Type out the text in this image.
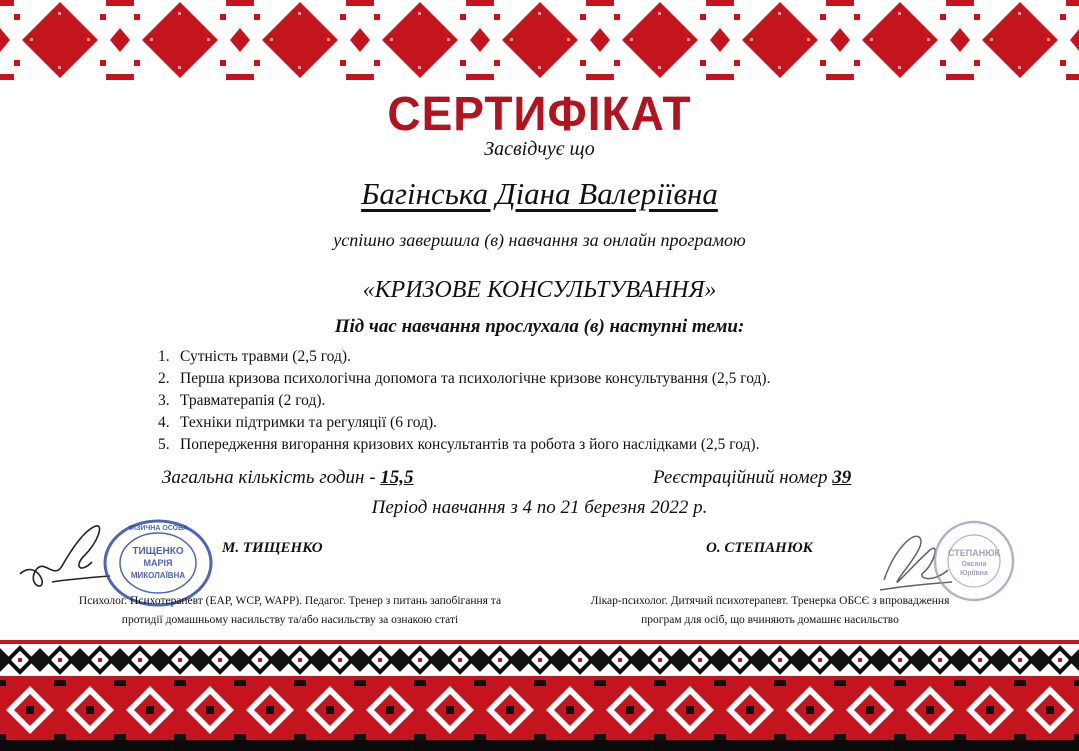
СЕРТИФІКАТ
Засвідчує що
Багінська Діана Валеріївна
успішно завершила (в) навчання за онлайн програмою
«КРИЗОВЕ КОНСУЛЬТУВАННЯ»
Під час навчання прослухала (в) наступні теми:
1. Сутність травми (2,5 год).
2. Перша кризова психологічна допомога та психологічне кризове консультування (2,5 год).
3. Травматерапія (2 год).
4. Техніки підтримки та регуляції (6 год).
5. Попередження вигорання кризових консультантів та робота з його наслідками (2,5 год).
Загальна кількість годин - 15,5	Реєстраційний номер 39
Період навчання з 4 по 21 березня 2022 р.
ТИЩЕНКО
МАРІЯ
МИКОЛАЇВНА
ФІЗИЧНА ОСОБА
М. ТИЩЕНКО
Психолог. Психотерапевт (EAP, WCP, WAPP). Педагог. Тренер з питань запобігання та
протидії домашньому насильству та/або насильству за ознакою статі
О. СТЕПАНЮК	СТЕПАНЮК
Оксана
Юріївна
Лікар-психолог. Дитячий психотерапевт. Тренерка ОБСЄ з впровадження
програм для осіб, що вчиняють домашнє насильство
